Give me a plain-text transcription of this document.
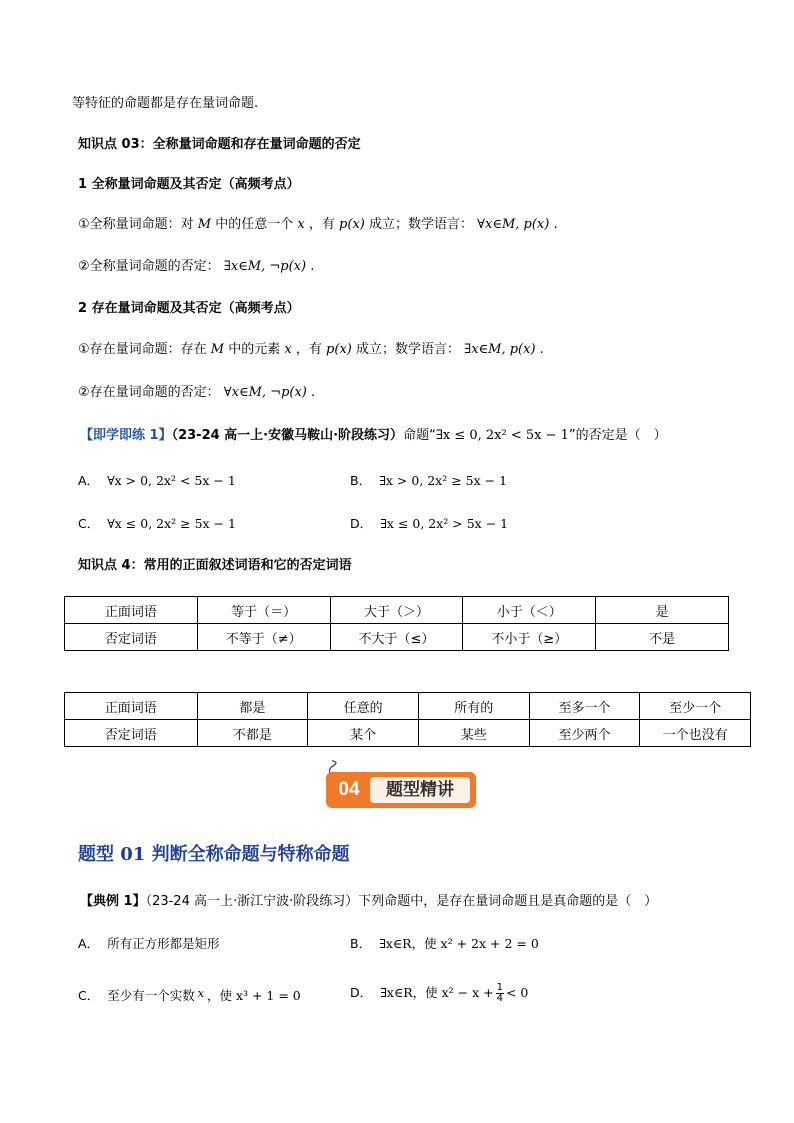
等特征的命题都是存在量词命题.
知识点 03：全称量词命题和存在量词命题的否定
1 全称量词命题及其否定（高频考点）
①全称量词命题：对 M 中的任意一个 x ，有 p(x) 成立；数学语言： ∀x∈M, p(x) .
②全称量词命题的否定： ∃x∈M, ¬p(x) .
2 存在量词命题及其否定（高频考点）
①存在量词命题：存在 M 中的元素 x ，有 p(x) 成立；数学语言： ∃x∈M, p(x) .
②存在量词命题的否定： ∀x∈M, ¬p(x) .
【即学即练 1】（23-24 高一上·安徽马鞍山·阶段练习）命题“∃x ≤ 0, 2x² < 5x − 1”的否定是（　）
A． ∀x > 0, 2x² < 5x − 1	B． ∃x > 0, 2x² ≥ 5x − 1
C． ∀x ≤ 0, 2x² ≥ 5x − 1	D． ∃x ≤ 0, 2x² > 5x − 1
知识点 4：常用的正面叙述词语和它的否定词语
正面词语	等于（＝）	大于（＞）	小于（＜）	是
否定词语	不等于（≠）	不大于（≤）	不小于（≥）	不是
正面词语	都是	任意的	所有的	至多一个	至少一个
否定词语	不都是	某个	某些	至少两个	一个也没有
04	题型精讲
题型 01 判断全称命题与特称命题
【典例 1】（23-24 高一上·浙江宁波·阶段练习）下列命题中，是存在量词命题且是真命题的是（　）
A． 所有正方形都是矩形	B． ∃x∈R，使 x² + 2x + 2 = 0
C． 至少有一个实数 x ，使 x³ + 1 = 0	D． ∃x∈R，使 $x^2 - x + \frac{1}{4} < 0$
